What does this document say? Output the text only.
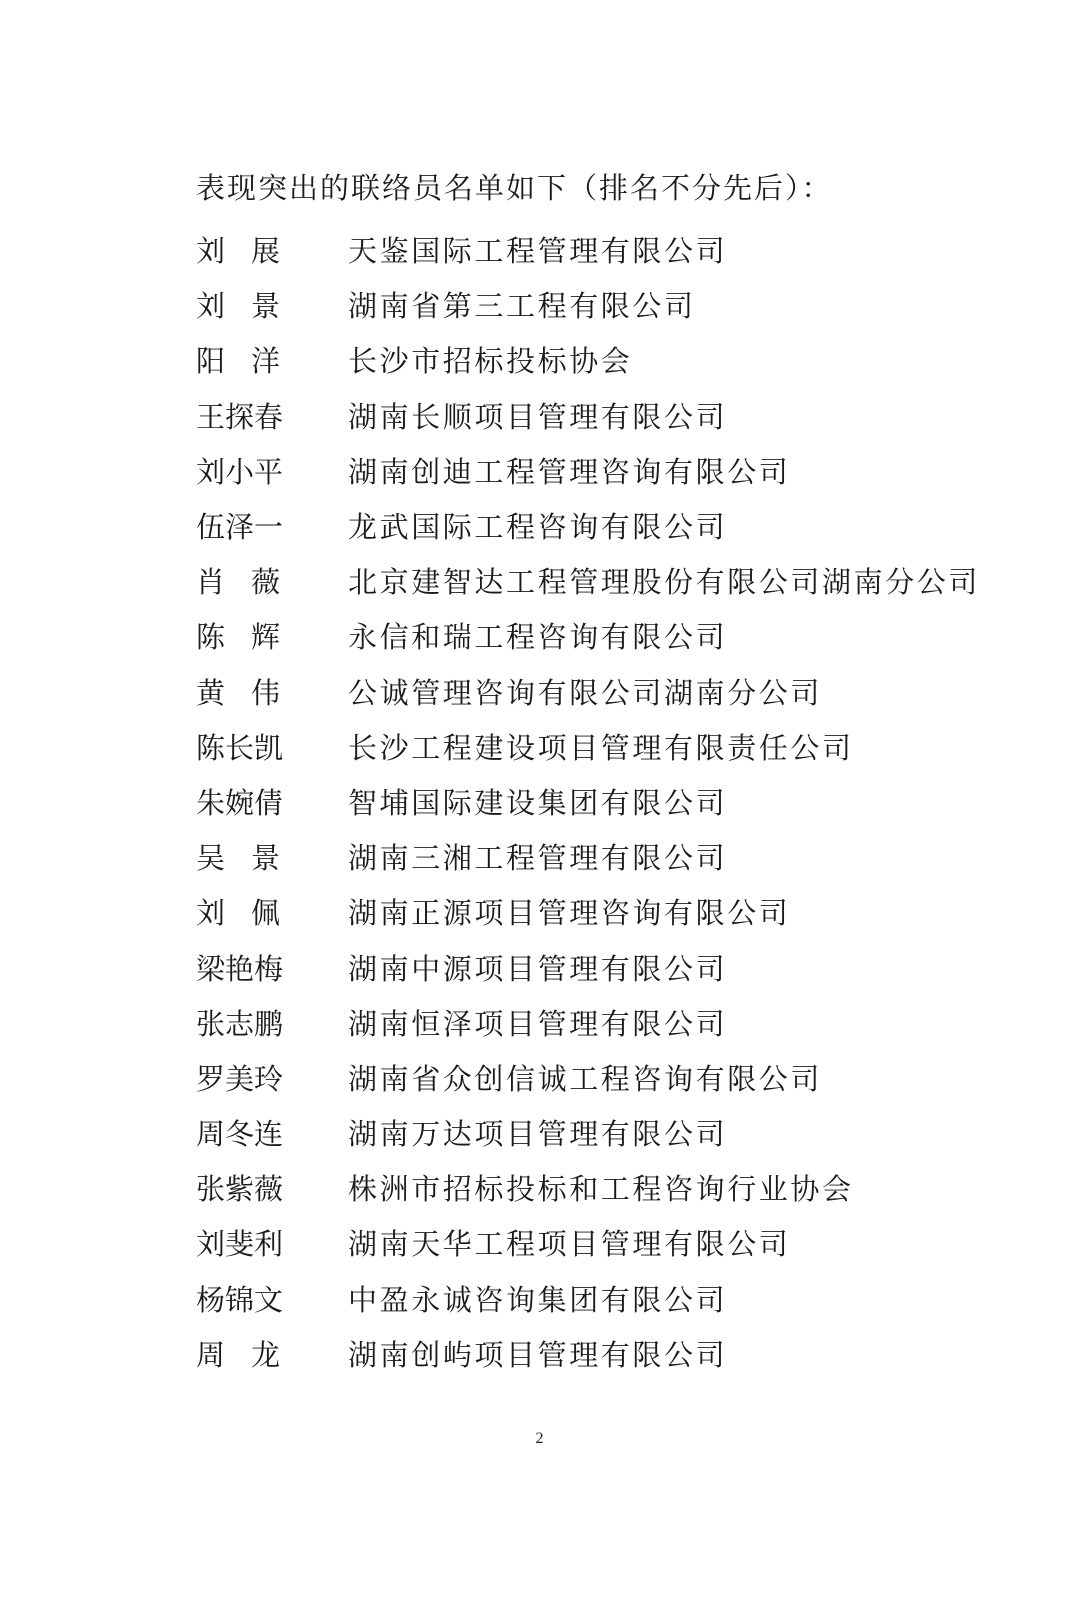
表现突出的联络员名单如下（排名不分先后）：
刘 展 天鉴国际工程管理有限公司
刘 景 湖南省第三工程有限公司
阳 洋 长沙市招标投标协会
王 探 春 湖南长顺项目管理有限公司
刘 小 平 湖南创迪工程管理咨询有限公司
伍 泽 一 龙武国际工程咨询有限公司
肖 薇 北京建智达工程管理股份有限公司湖南分公司
陈 辉 永信和瑞工程咨询有限公司
黄 伟 公诚管理咨询有限公司湖南分公司
陈 长 凯 长沙工程建设项目管理有限责任公司
朱 婉 倩 智埔国际建设集团有限公司
吴 景 湖南三湘工程管理有限公司
刘 佩 湖南正源项目管理咨询有限公司
梁 艳 梅 湖南中源项目管理有限公司
张 志 鹏 湖南恒泽项目管理有限公司
罗 美 玲 湖南省众创信诚工程咨询有限公司
周 冬 连 湖南万达项目管理有限公司
张 紫 薇 株洲市招标投标和工程咨询行业协会
刘 斐 利 湖南天华工程项目管理有限公司
杨 锦 文 中盈永诚咨询集团有限公司
周 龙 湖南创屿项目管理有限公司
2
